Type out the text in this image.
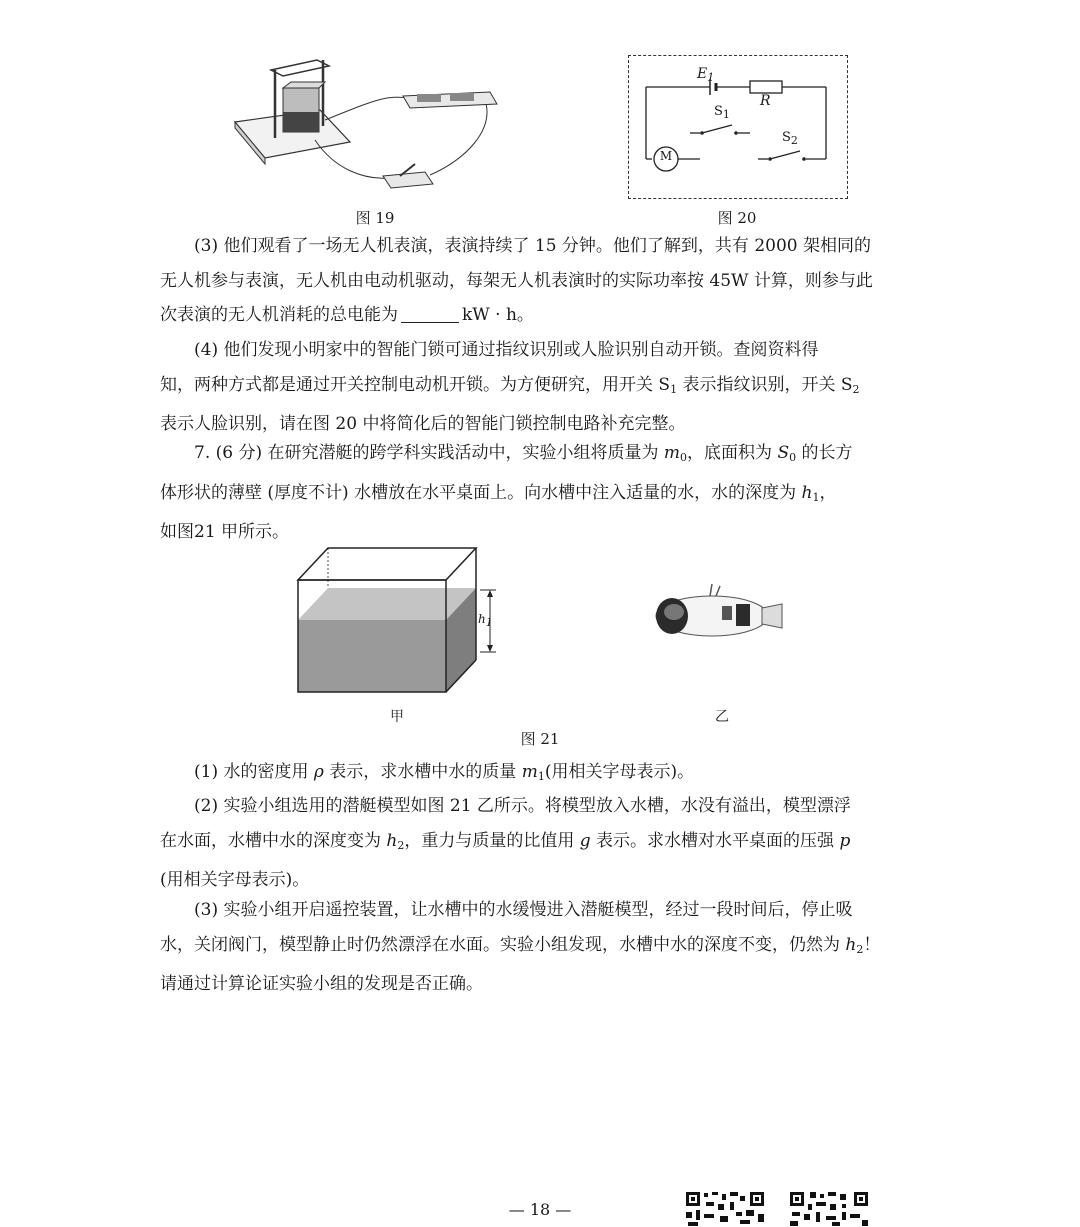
图 19
$E_1$
R
$S_1$
$S_2$
M
图 20
(3) 他们观看了一场无人机表演，表演持续了 15 分钟。他们了解到，共有 2000 架相同的
无人机参与表演，无人机由电动机驱动，每架无人机表演时的实际功率按 45W 计算，则参与此
次表演的无人机消耗的总电能为	kW · h。
(4) 他们发现小明家中的智能门锁可通过指纹识别或人脸识别自动开锁。查阅资料得
知，两种方式都是通过开关控制电动机开锁。为方便研究，用开关 $S_1$ 表示指纹识别，开关 $S_2$
表示人脸识别，请在图 20 中将简化后的智能门锁控制电路补充完整。
7. (6 分) 在研究潜艇的跨学科实践活动中，实验小组将质量为 $m_0$，底面积为 $S_0$ 的长方
体形状的薄壁 (厚度不计) 水槽放在水平桌面上。向水槽中注入适量的水，水的深度为 $h_1$，
如图21 甲所示。
$h_1$
甲	乙
图 21
(1) 水的密度用 ρ 表示，求水槽中水的质量 $m_1$(用相关字母表示)。
(2) 实验小组选用的潜艇模型如图 21 乙所示。将模型放入水槽，水没有溢出，模型漂浮
在水面，水槽中水的深度变为 $h_2$，重力与质量的比值用 g 表示。求水槽对水平桌面的压强 p
(用相关字母表示)。
(3) 实验小组开启遥控装置，让水槽中的水缓慢进入潜艇模型，经过一段时间后，停止吸
水，关闭阀门，模型静止时仍然漂浮在水面。实验小组发现，水槽中水的深度不变，仍然为 $h_2$！
请通过计算论证实验小组的发现是否正确。
— 18 —
